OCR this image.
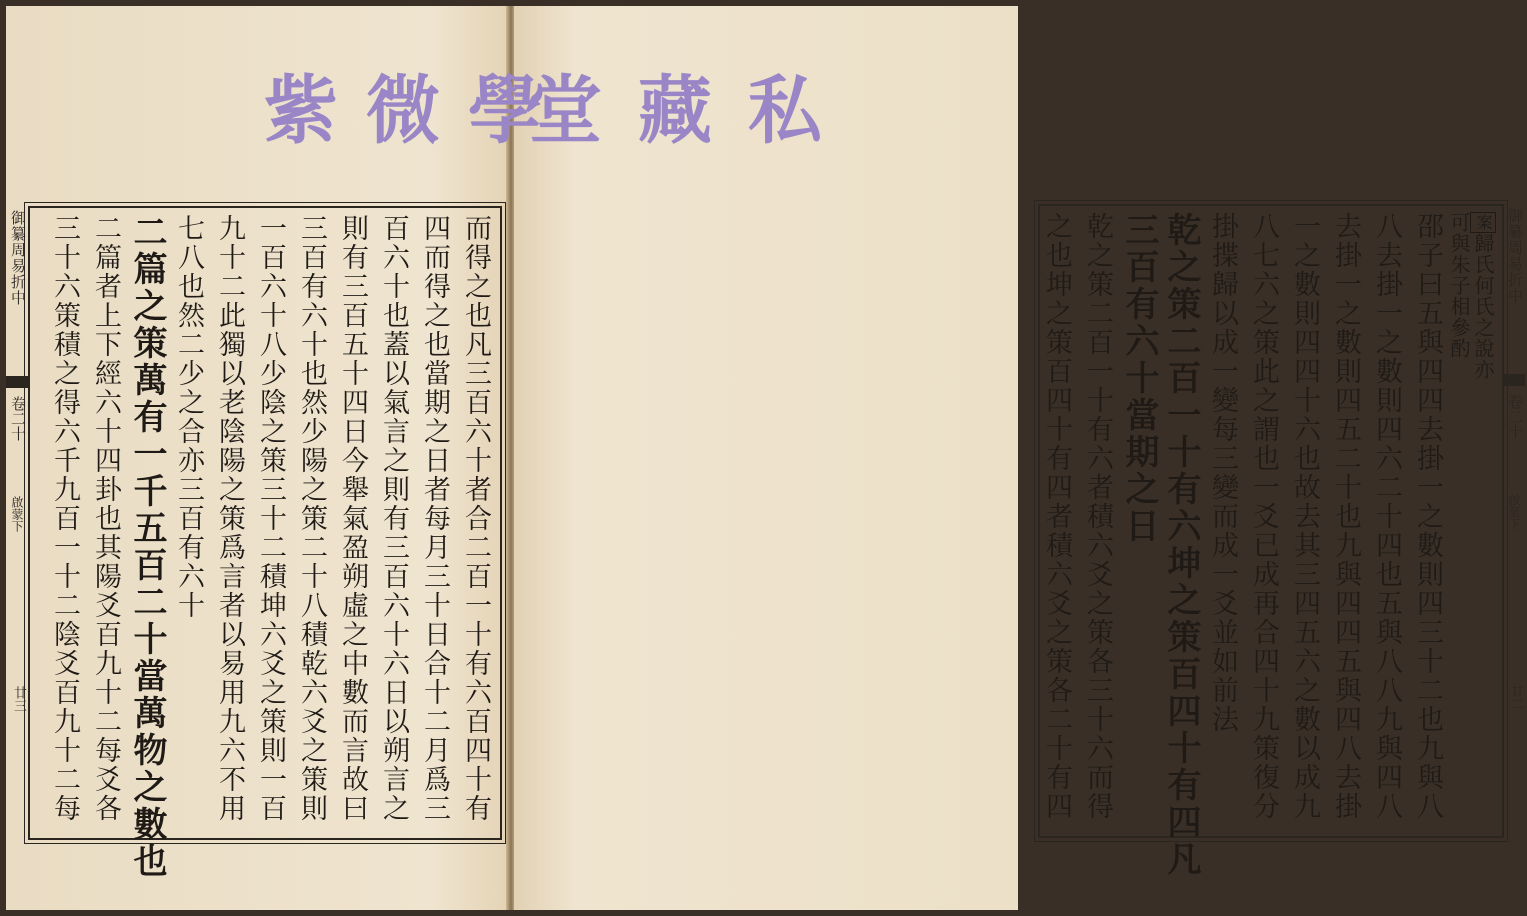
御纂周易折中
卷二十
啟蒙下
廿三	而得之也凡三百六十者合二百一十有六百四十有
四而得之也當期之日者每月三十日合十二月爲三
百六十也蓋以氣言之則有三百六十六日以朔言之
則有三百五十四日今舉氣盈朔虛之中數而言故曰
三百有六十也然少陽之策二十八積乾六爻之策則
一百六十八少陰之策三十二積坤六爻之策則一百
九十二此獨以老陰陽之策爲言者以易用九六不用
七八也然二少之合亦三百有六十
二篇之策萬有一千五百二十當萬物之數也
二篇者上下經六十四卦也其陽爻百九十二每爻各
三十六策積之得六千九百一十二陰爻百九十二每	案歸氏何氏之說亦
可與朱子相參酌
邵子曰五與四四去掛一之數則四三十二也九與八
八去掛一之數則四六二十四也五與八八九與四八
去掛一之數則四五二十也九與四四五與四八去掛
一之數則四四十六也故去其三四五六之數以成九
八七六之策此之謂也一爻已成再合四十九策復分
掛揲歸以成一變每三變而成一爻並如前法
乾之策二百一十有六坤之策百四十有四凡
三百有六十當期之日
乾之策二百一十有六者積六爻之策各三十六而得
之也坤之策百四十有四者積六爻之策各二十有四	御纂周易折中
卷二十
啟蒙下
廿二
紫微學
堂藏私
